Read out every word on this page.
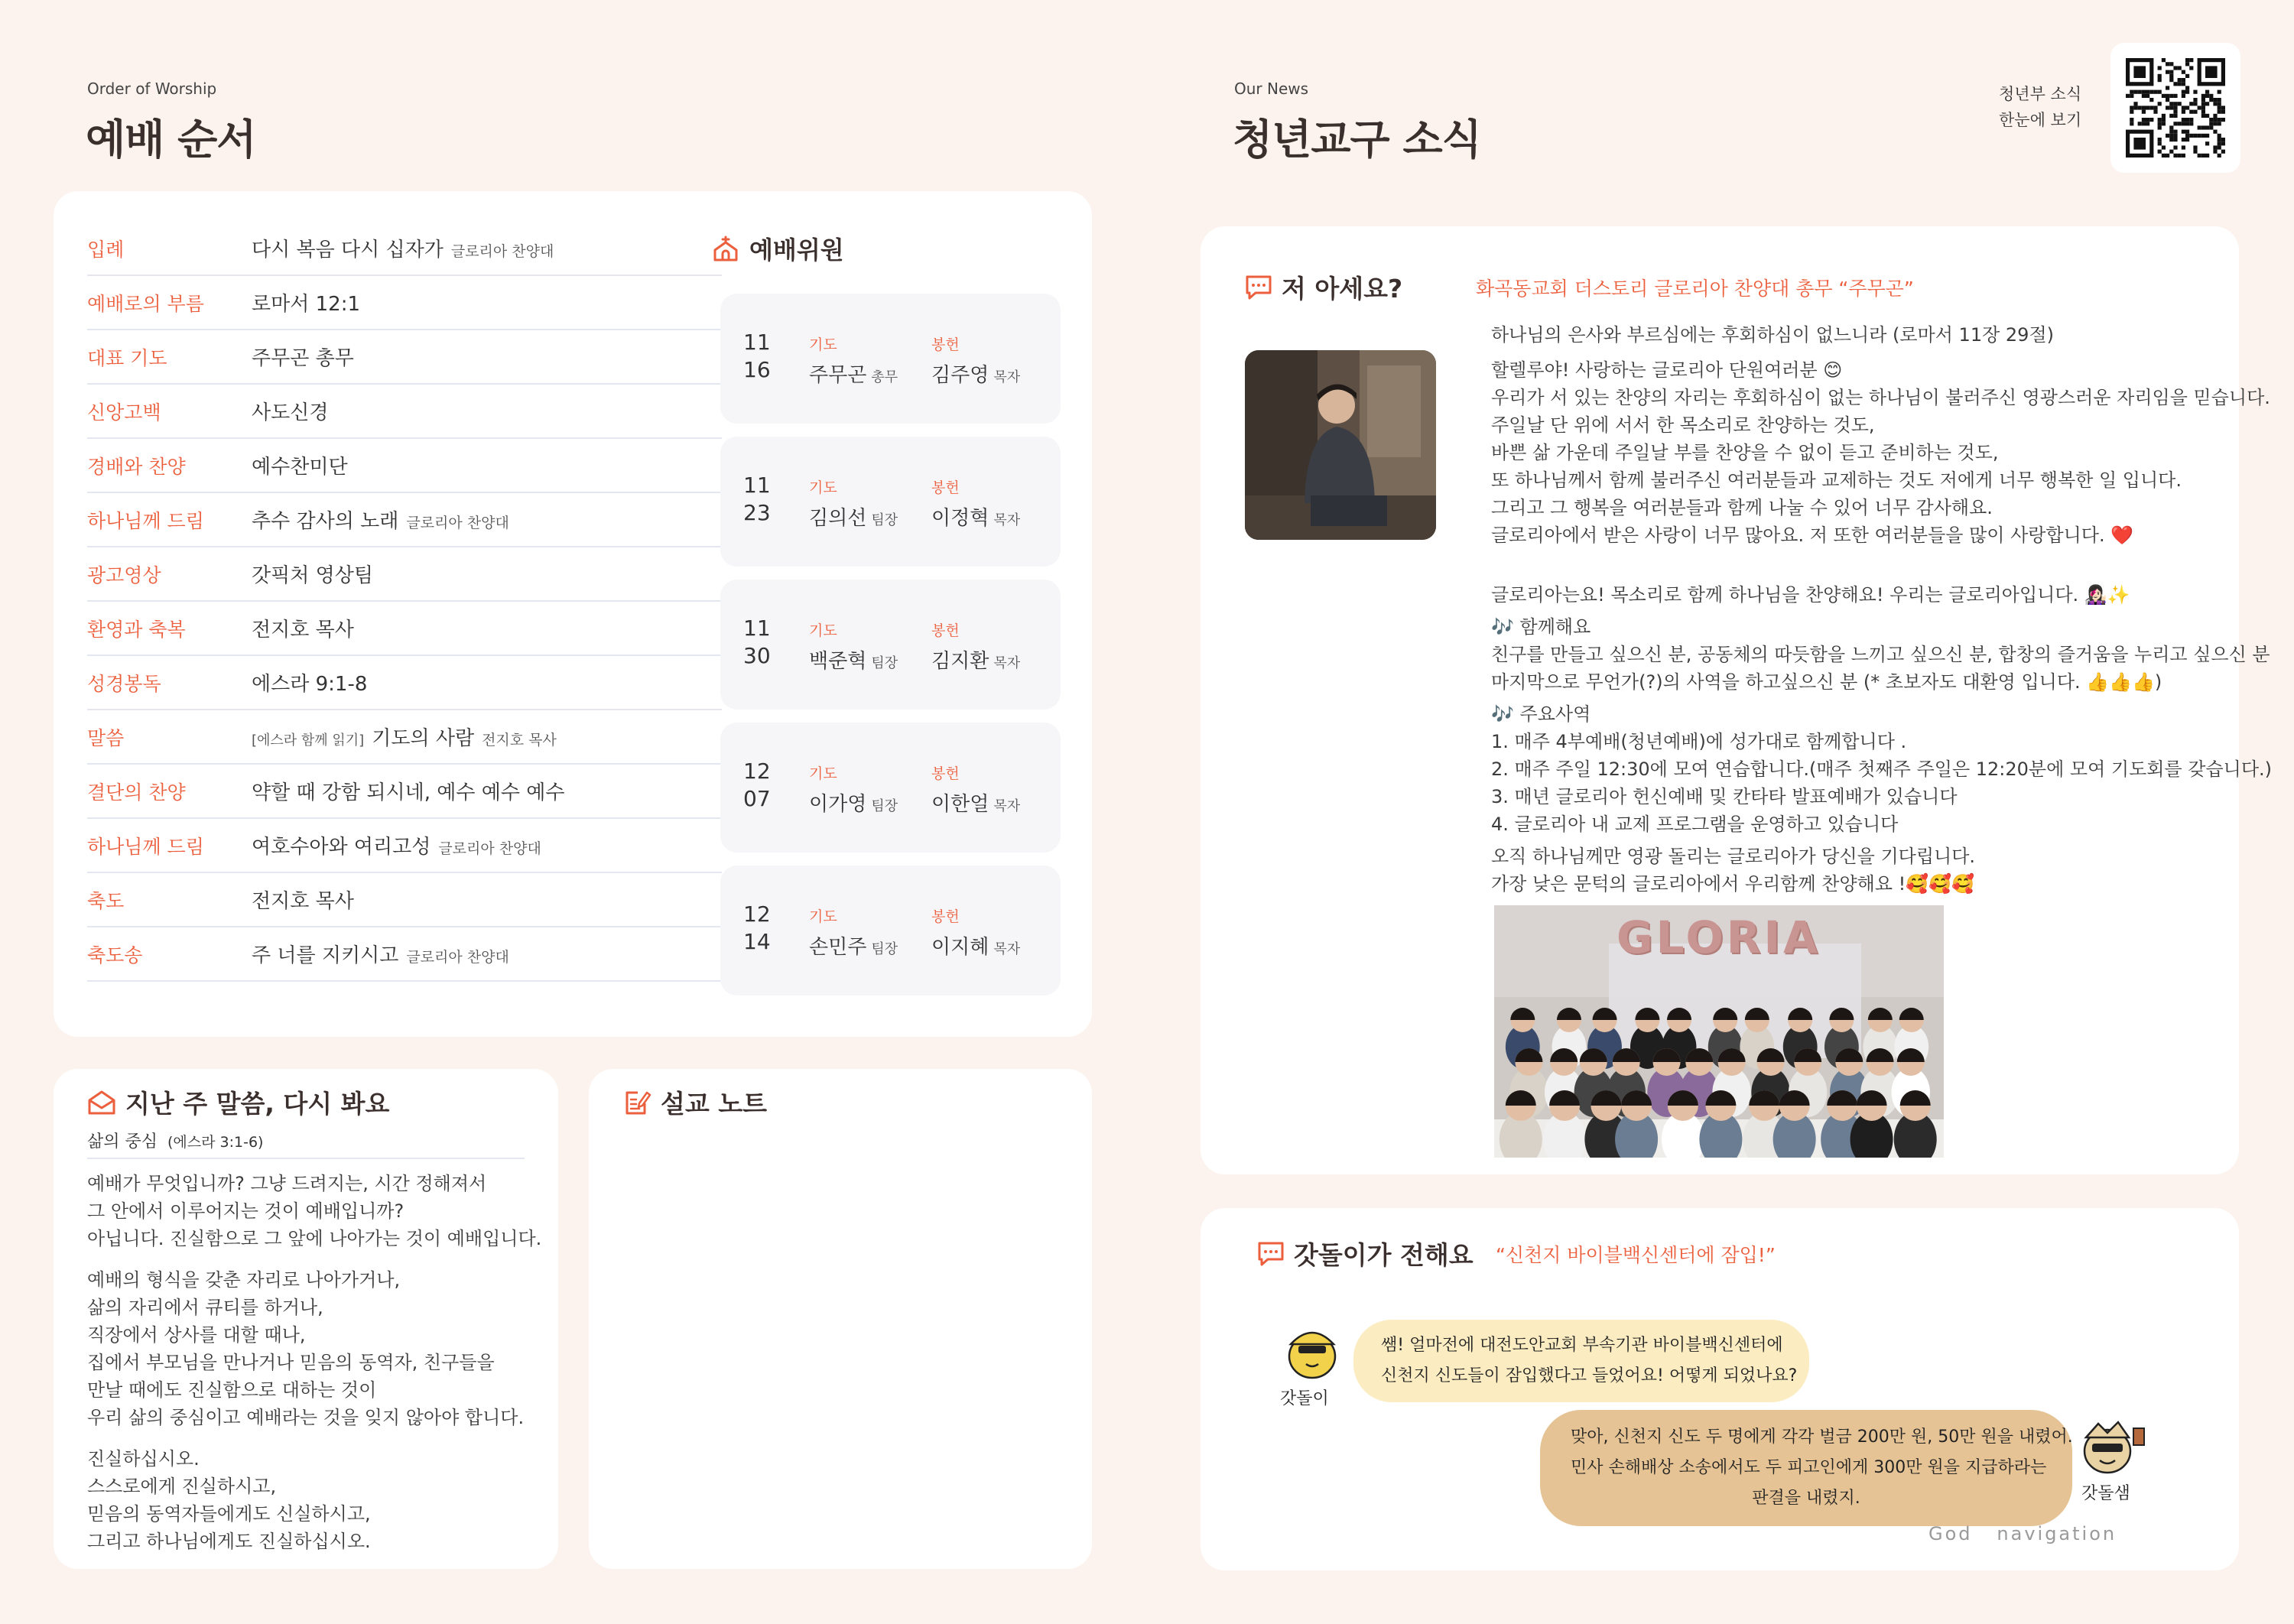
Order of Worship
예배 순서
입례	다시 복음 다시 십자가 글로리아 찬양대
예배로의 부름	로마서 12:1
대표 기도	주무곤 총무
신앙고백	사도신경
경배와 찬양	예수찬미단
하나님께 드림	추수 감사의 노래 글로리아 찬양대
광고영상	갓픽처 영상팀
환영과 축복	전지호 목사
성경봉독	에스라 9:1-8
말씀	[에스라 함께 읽기] 기도의 사람 전지호 목사
결단의 찬양	약할 때 강함 되시네, 예수 예수 예수
하나님께 드림	여호수아와 여리고성 글로리아 찬양대
축도	전지호 목사
축도송	주 너를 지키시고 글로리아 찬양대
예배위원
11
16
기도
주무곤 총무
봉헌
김주영 목자
11
23
기도
김의선 팀장
봉헌
이정혁 목자
11
30
기도
백준혁 팀장
봉헌
김지환 목자
12
07
기도
이가영 팀장
봉헌
이한얼 목자
12
14
기도
손민주 팀장
봉헌
이지혜 목자
지난 주 말씀, 다시 봐요
삶의 중심 (에스라 3:1-6)
예배가 무엇입니까? 그냥 드려지는, 시간 정해져서
그 안에서 이루어지는 것이 예배입니까?
아닙니다. 진실함으로 그 앞에 나아가는 것이 예배입니다.
예배의 형식을 갖춘 자리로 나아가거나,
삶의 자리에서 큐티를 하거나,
직장에서 상사를 대할 때나,
집에서 부모님을 만나거나 믿음의 동역자, 친구들을
만날 때에도 진실함으로 대하는 것이
우리 삶의 중심이고 예배라는 것을 잊지 않아야 합니다.
진실하십시오.
스스로에게 진실하시고,
믿음의 동역자들에게도 신실하시고,
그리고 하나님에게도 진실하십시오.
설교 노트
Our News
청년교구 소식
청년부 소식
한눈에 보기
저 아세요?	화곡동교회 더스토리 글로리아 찬양대 총무 “주무곤”

하나님의 은사와 부르심에는 후회하심이 없느니라 (로마서 11장 29절)

할렐루야! 사랑하는 글로리아 단원여러분 😊

우리가 서 있는 찬양의 자리는 후회하심이 없는 하나님이 불러주신 영광스러운 자리임을 믿습니다.

주일날 단 위에 서서 한 목소리로 찬양하는 것도,

바쁜 삶 가운데 주일날 부를 찬양을 수 없이 듣고 준비하는 것도,

또 하나님께서 함께 불러주신 여러분들과 교제하는 것도 저에게 너무 행복한 일 입니다.

그리고 그 행복을 여러분들과 함께 나눌 수 있어 너무 감사해요.

글로리아에서 받은 사랑이 너무 많아요. 저 또한 여러분들을 많이 사랑합니다. ❤️

글로리아는요! 목소리로 함께 하나님을 찬양해요! 우리는 글로리아입니다. 👩🏻‍🎤✨

🎶 함께해요

친구를 만들고 싶으신 분, 공동체의 따듯함을 느끼고 싶으신 분, 합창의 즐거움을 누리고 싶으신 분

마지막으로 무언가(?)의 사역을 하고싶으신 분 (* 초보자도 대환영 입니다. 👍👍👍)

🎶 주요사역

1. 매주 4부예배(청년예배)에 성가대로 함께합니다 .

2. 매주 주일 12:30에 모여 연습합니다.(매주 첫째주 주일은 12:20분에 모여 기도회를 갖습니다.)

3. 매년 글로리아 헌신예배 및 칸타타 발표예배가 있습니다

4. 글로리아 내 교제 프로그램을 운영하고 있습니다

오직 하나님께만 영광 돌리는 글로리아가 당신을 기다립니다.

가장 낮은 문턱의 글로리아에서 우리함께 찬양해요 !🥰🥰🥰

GLORIA
갓돌이가 전해요 “신천지 바이블백신센터에 잠입!”
갓돌이
쌤! 얼마전에 대전도안교회 부속기관 바이블백신센터에
신천지 신도들이 잠입했다고 들었어요! 어떻게 되었나요?
맞아, 신천지 신도 두 명에게 각각 벌금 200만 원, 50만 원을 내렸어.
민사 손해배상 소송에서도 두 피고인에게 300만 원을 지급하라는
판결을 내렸지.	갓돌샘
God   navigation
